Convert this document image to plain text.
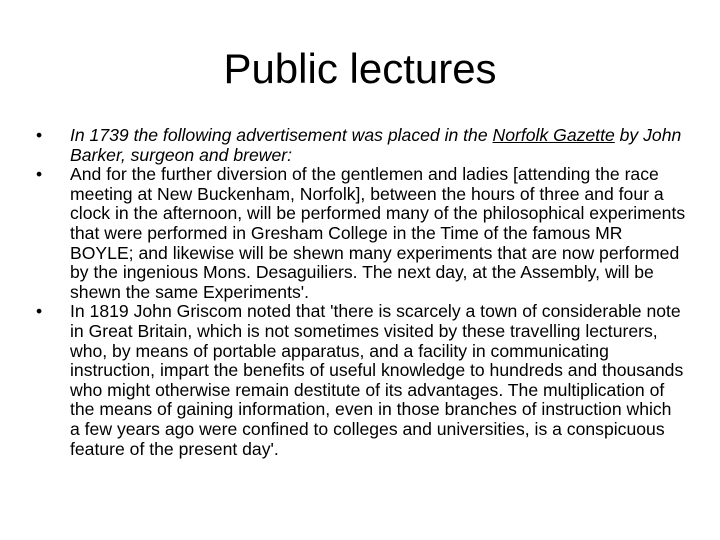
Public lectures
•	In 1739 the following advertisement was placed in the Norfolk Gazette by John Barker, surgeon and brewer:
•	And for the further diversion of the gentlemen and ladies [attending the race meeting at New Buckenham, Norfolk], between the hours of three and four a clock in the afternoon, will be performed many of the philosophical experiments that were performed in Gresham College in the Time of the famous MR BOYLE; and likewise will be shewn many experiments that are now performed by the ingenious Mons. Desaguiliers. The next day, at the Assembly, will be shewn the same Experiments'.
•	In 1819 John Griscom noted that 'there is scarcely a town of considerable note in Great Britain, which is not sometimes visited by these travelling lecturers, who, by means of portable apparatus, and a facility in communicating instruction, impart the benefits of useful knowledge to hundreds and thousands who might otherwise remain destitute of its advantages. The multiplication of the means of gaining information, even in those branches of instruction which a few years ago were confined to colleges and universities, is a conspicuous feature of the present day'.
